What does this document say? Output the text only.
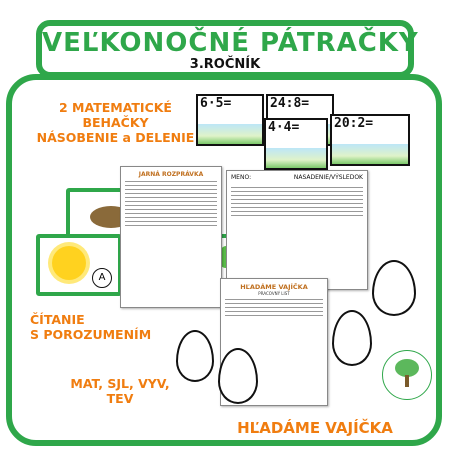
VEĽKONOČNÉ PÁTRAČKY
3.ROČNÍK
2 MATEMATICKÉ
BEHAČKY
NÁSOBENIE a DELENIE
6·5=	24:8=
4·4=	20:2=
A
JARNÁ ROZPRÁVKA	MENO:	NASADENIE/VÝSLEDOK
ČÍTANIE
S POROZUMENÍM
MAT, SJL, VYV,
TEV
HĽADÁME VAJÍČKA
PRACOVNÝ LIST
HĽADÁME VAJÍČKA
